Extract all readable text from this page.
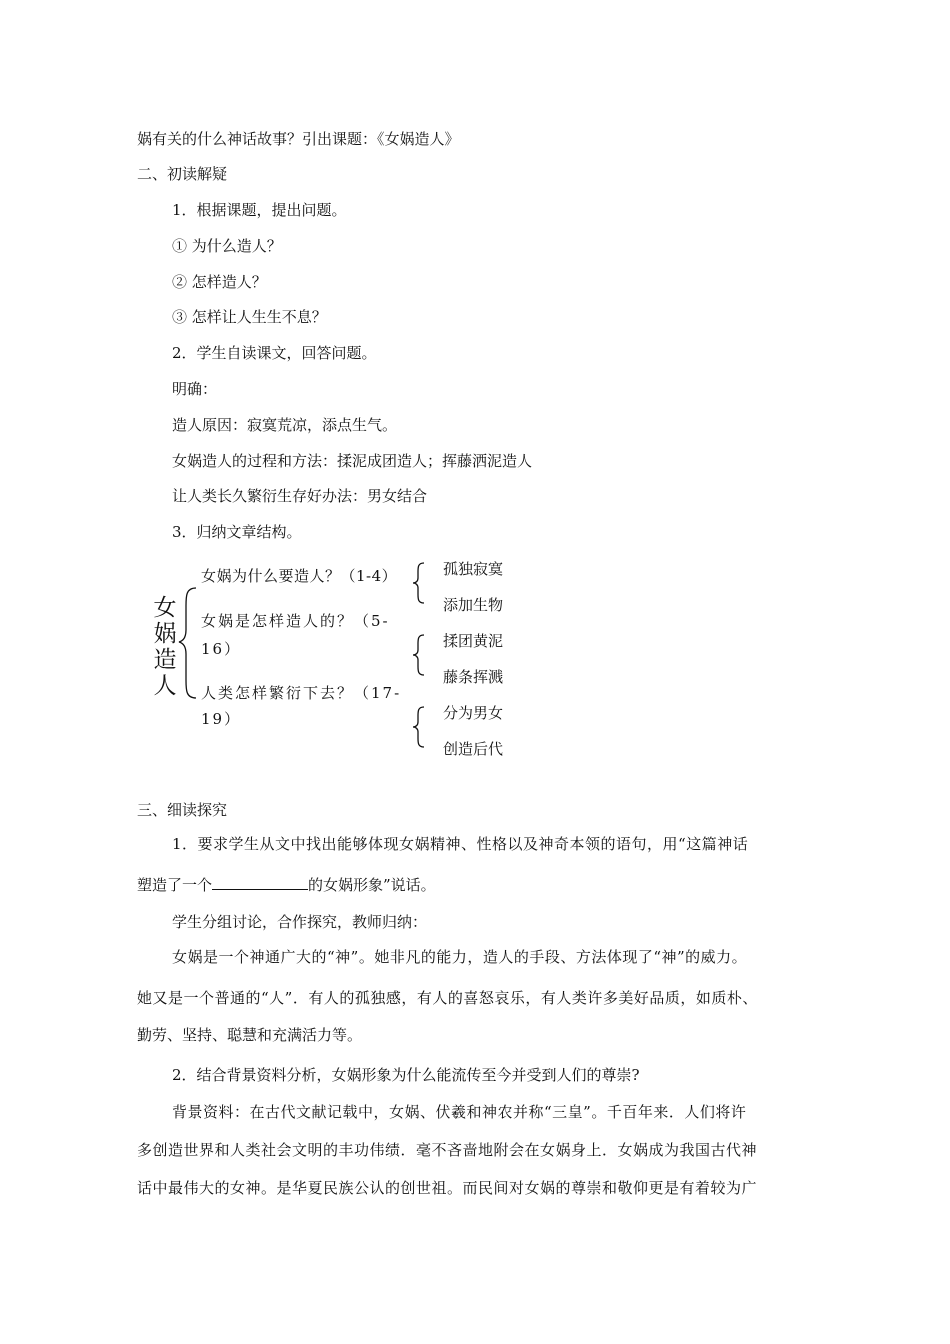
娲有关的什么神话故事？引出课题：《女娲造人》
二、初读解疑
1．根据课题，提出问题。
① 为什么造人？
② 怎样造人？
③ 怎样让人生生不息？
2．学生自读课文，回答问题。
明确：
造人原因：寂寞荒凉，添点生气。
女娲造人的过程和方法：揉泥成团造人；挥藤洒泥造人
让人类长久繁衍生存好办法：男女结合
3．归纳文章结构。
女
娲
造
人
女娲为什么要造人？（1-4）
女娲是怎样造人的？（5-
16）
人类怎样繁衍下去？（17-
19）
孤独寂寞
添加生物
揉团黄泥
藤条挥溅
分为男女
创造后代
三、细读探究
1．要求学生从文中找出能够体现女娲精神、性格以及神奇本领的语句，用“这篇神话
塑造了一个	的女娲形象”说话。
学生分组讨论，合作探究，教师归纳：
女娲是一个神通广大的“神”。她非凡的能力，造人的手段、方法体现了“神”的威力。
她又是一个普通的“人”．有人的孤独感，有人的喜怒哀乐，有人类许多美好品质，如质朴、
勤劳、坚持、聪慧和充满活力等。
2．结合背景资料分析，女娲形象为什么能流传至今并受到人们的尊崇?
背景资料：在古代文献记载中，女娲、伏羲和神农并称“三皇”。千百年来．人们将许
多创造世界和人类社会文明的丰功伟绩．毫不吝啬地附会在女娲身上．女娲成为我国古代神
话中最伟大的女神。是华夏民族公认的创世祖。而民间对女娲的尊崇和敬仰更是有着较为广
